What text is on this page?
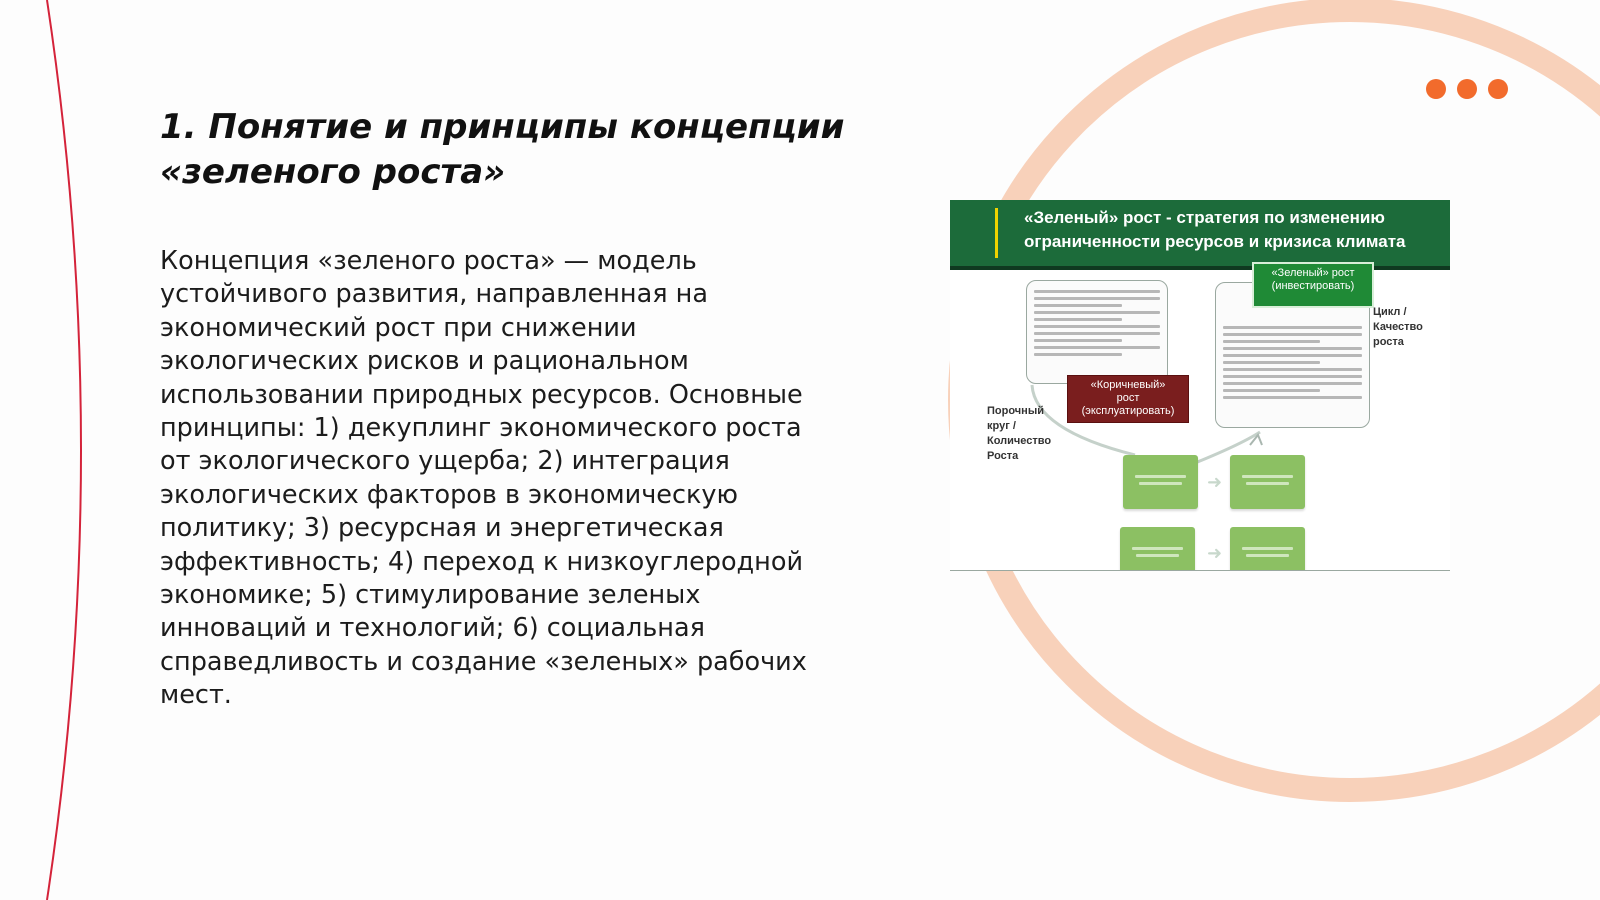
1. Понятие и принципы концепции «зеленого роста»

Концепция «зеленого роста» — модель устойчивого развития, направленная на экономический рост при снижении экологических рисков и рациональном использовании природных ресурсов. Основные принципы: 1) декуплинг экономического роста от экологического ущерба; 2) интеграция экологических факторов в экономическую политику; 3) ресурсная и энергетическая эффективность; 4) переход к низкоуглеродной экономике; 5) стимулирование зеленых инноваций и технологий; 6) социальная справедливость и создание «зеленых» рабочих мест.

«Зеленый» рост - стратегия по изменению
ограниченности ресурсов и кризиса климата
«Зеленый» рост
(инвестировать)
«Коричневый»
рост
(эксплуатировать)
Цикл /
Качество
роста
Порочный
круг /
Количество
Роста
➜
➜
